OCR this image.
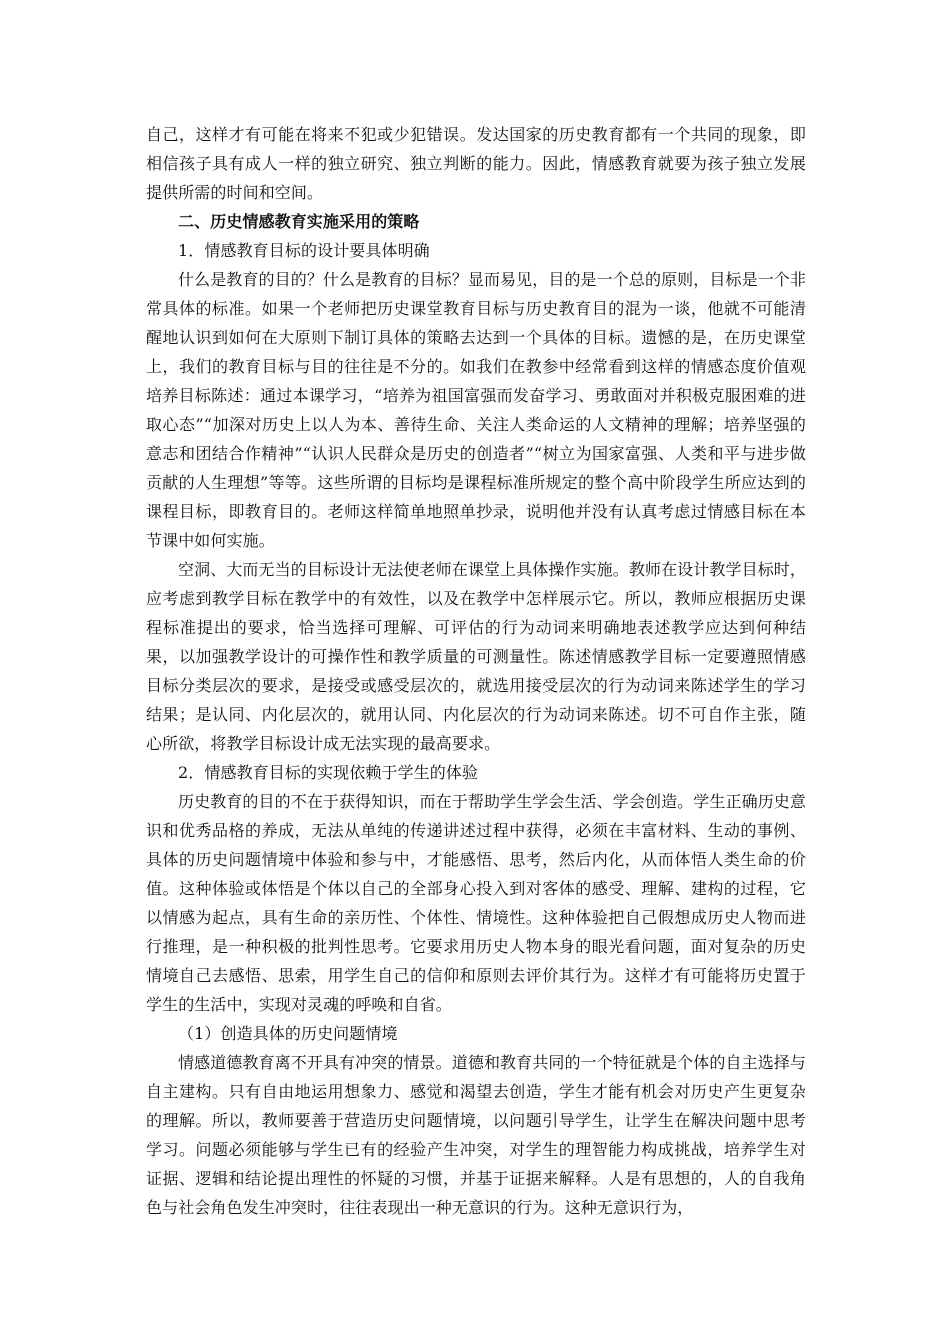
自己，这样才有可能在将来不犯或少犯错误。发达国家的历史教育都有一个共同的现象，即相信孩子具有成人一样的独立研究、独立判断的能力。因此，情感教育就要为孩子独立发展提供所需的时间和空间。

二、历史情感教育实施采用的策略

1．情感教育目标的设计要具体明确

什么是教育的目的？什么是教育的目标？显而易见，目的是一个总的原则，目标是一个非常具体的标准。如果一个老师把历史课堂教育目标与历史教育目的混为一谈，他就不可能清醒地认识到如何在大原则下制订具体的策略去达到一个具体的目标。遗憾的是，在历史课堂上，我们的教育目标与目的往往是不分的。如我们在教参中经常看到这样的情感态度价值观培养目标陈述：通过本课学习，“培养为祖国富强而发奋学习、勇敢面对并积极克服困难的进取心态”“加深对历史上以人为本、善待生命、关注人类命运的人文精神的理解；培养坚强的意志和团结合作精神”“认识人民群众是历史的创造者”“树立为国家富强、人类和平与进步做贡献的人生理想”等等。这些所谓的目标均是课程标准所规定的整个高中阶段学生所应达到的课程目标，即教育目的。老师这样简单地照单抄录，说明他并没有认真考虑过情感目标在本节课中如何实施。

空洞、大而无当的目标设计无法使老师在课堂上具体操作实施。教师在设计教学目标时，应考虑到教学目标在教学中的有效性，以及在教学中怎样展示它。所以，教师应根据历史课程标准提出的要求，恰当选择可理解、可评估的行为动词来明确地表述教学应达到何种结果，以加强教学设计的可操作性和教学质量的可测量性。陈述情感教学目标一定要遵照情感目标分类层次的要求，是接受或感受层次的，就选用接受层次的行为动词来陈述学生的学习结果；是认同、内化层次的，就用认同、内化层次的行为动词来陈述。切不可自作主张，随心所欲，将教学目标设计成无法实现的最高要求。

2．情感教育目标的实现依赖于学生的体验

历史教育的目的不在于获得知识，而在于帮助学生学会生活、学会创造。学生正确历史意识和优秀品格的养成，无法从单纯的传递讲述过程中获得，必须在丰富材料、生动的事例、具体的历史问题情境中体验和参与中，才能感悟、思考，然后内化，从而体悟人类生命的价值。这种体验或体悟是个体以自己的全部身心投入到对客体的感受、理解、建构的过程，它以情感为起点，具有生命的亲历性、个体性、情境性。这种体验把自己假想成历史人物而进行推理，是一种积极的批判性思考。它要求用历史人物本身的眼光看问题，面对复杂的历史情境自己去感悟、思索，用学生自己的信仰和原则去评价其行为。这样才有可能将历史置于学生的生活中，实现对灵魂的呼唤和自省。

（1）创造具体的历史问题情境

情感道德教育离不开具有冲突的情景。道德和教育共同的一个特征就是个体的自主选择与自主建构。只有自由地运用想象力、感觉和渴望去创造，学生才能有机会对历史产生更复杂的理解。所以，教师要善于营造历史问题情境，以问题引导学生，让学生在解决问题中思考学习。问题必须能够与学生已有的经验产生冲突，对学生的理智能力构成挑战，培养学生对证据、逻辑和结论提出理性的怀疑的习惯，并基于证据来解释。人是有思想的，人的自我角色与社会角色发生冲突时，往往表现出一种无意识的行为。这种无意识行为，
